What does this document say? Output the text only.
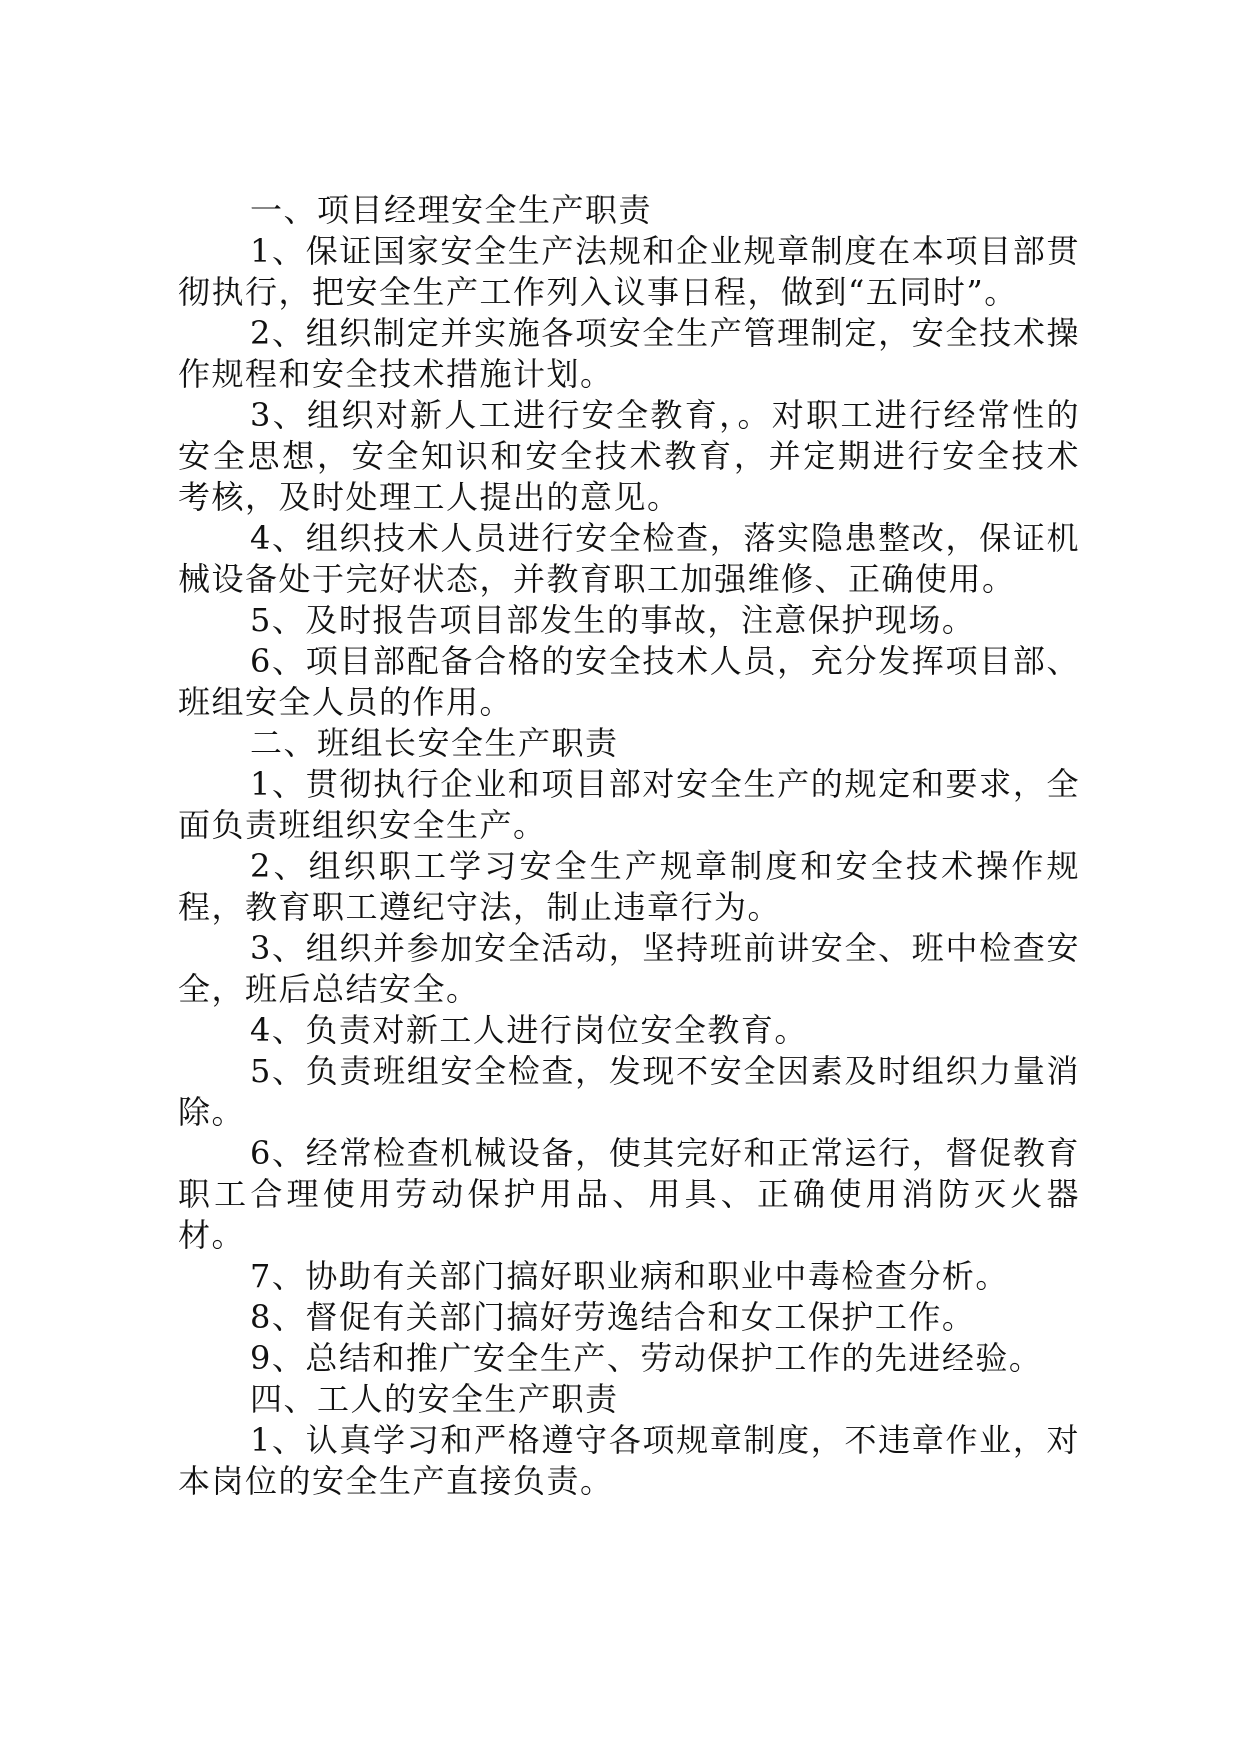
一、项目经理安全生产职责

1、保证国家安全生产法规和企业规章制度在本项目部贯彻执行，把安全生产工作列入议事日程，做到“五同时”。

2、组织制定并实施各项安全生产管理制定，安全技术操作规程和安全技术措施计划。

3、组织对新人工进行安全教育，。对职工进行经常性的安全思想，安全知识和安全技术教育，并定期进行安全技术考核，及时处理工人提出的意见。

4、组织技术人员进行安全检查，落实隐患整改，保证机械设备处于完好状态，并教育职工加强维修、正确使用。

5、及时报告项目部发生的事故，注意保护现场。

6、项目部配备合格的安全技术人员，充分发挥项目部、班组安全人员的作用。

二、班组长安全生产职责

1、贯彻执行企业和项目部对安全生产的规定和要求，全面负责班组织安全生产。

2、组织职工学习安全生产规章制度和安全技术操作规程，教育职工遵纪守法，制止违章行为。

3、组织并参加安全活动，坚持班前讲安全、班中检查安全，班后总结安全。

4、负责对新工人进行岗位安全教育。

5、负责班组安全检查，发现不安全因素及时组织力量消除。

6、经常检查机械设备，使其完好和正常运行，督促教育职工合理使用劳动保护用品、用具、正确使用消防灭火器材。

7、协助有关部门搞好职业病和职业中毒检查分析。

8、督促有关部门搞好劳逸结合和女工保护工作。

9、总结和推广安全生产、劳动保护工作的先进经验。

四、工人的安全生产职责

1、认真学习和严格遵守各项规章制度，不违章作业，对本岗位的安全生产直接负责。
